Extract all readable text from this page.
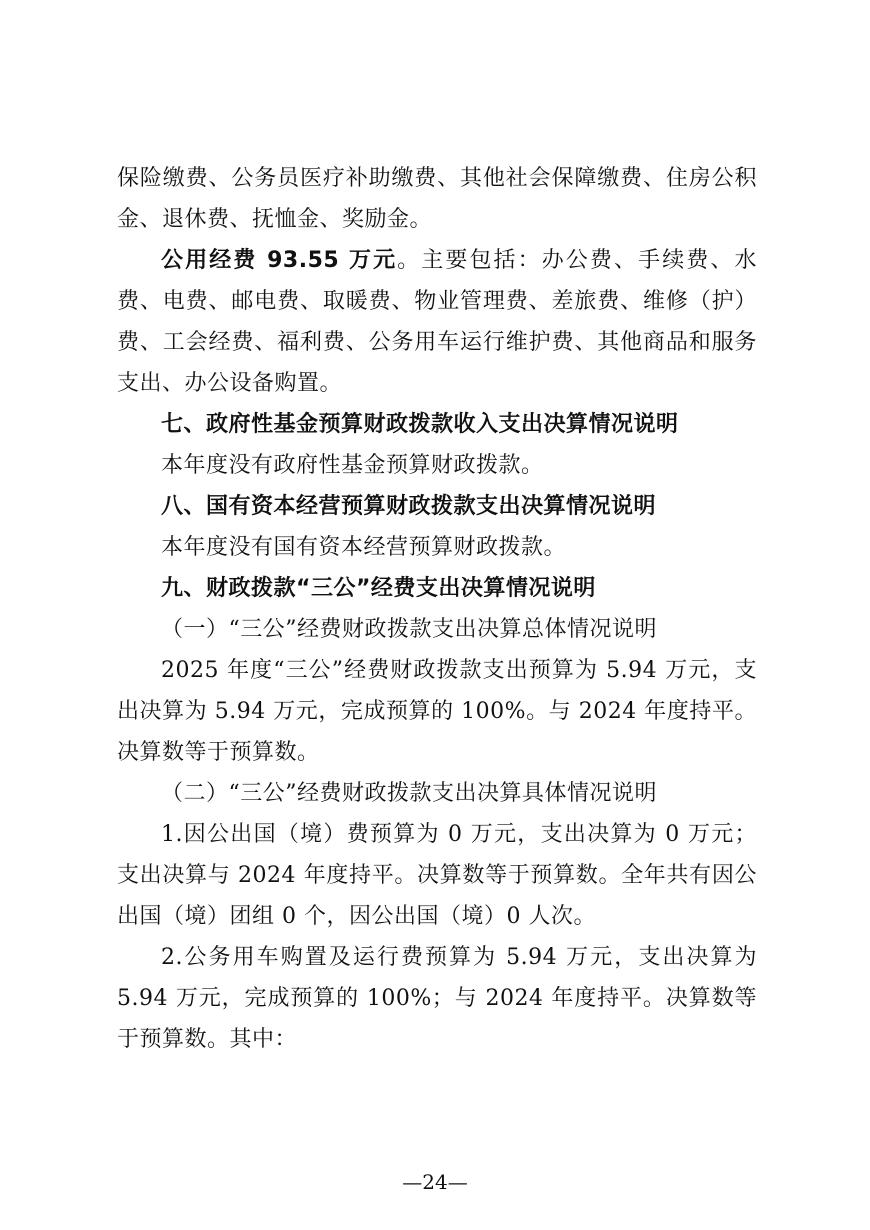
保险缴费、公务员医疗补助缴费、其他社会保障缴费、住房公积金、退休费、抚恤金、奖励金。

公用经费 93.55 万元。主要包括：办公费、手续费、水费、电费、邮电费、取暖费、物业管理费、差旅费、维修（护）费、工会经费、福利费、公务用车运行维护费、其他商品和服务支出、办公设备购置。

七、政府性基金预算财政拨款收入支出决算情况说明

本年度没有政府性基金预算财政拨款。

八、国有资本经营预算财政拨款支出决算情况说明

本年度没有国有资本经营预算财政拨款。

九、财政拨款“三公”经费支出决算情况说明

（一）“三公”经费财政拨款支出决算总体情况说明

2025 年度“三公”经费财政拨款支出预算为 5.94 万元，支出决算为 5.94 万元，完成预算的 100%。与 2024 年度持平。决算数等于预算数。

（二）“三公”经费财政拨款支出决算具体情况说明

1.因公出国（境）费预算为 0 万元，支出决算为 0 万元；支出决算与 2024 年度持平。决算数等于预算数。全年共有因公出国（境）团组 0 个，因公出国（境）0 人次。

2.公务用车购置及运行费预算为 5.94 万元，支出决算为 5.94 万元，完成预算的 100%；与 2024 年度持平。决算数等于预算数。其中：

—24—
